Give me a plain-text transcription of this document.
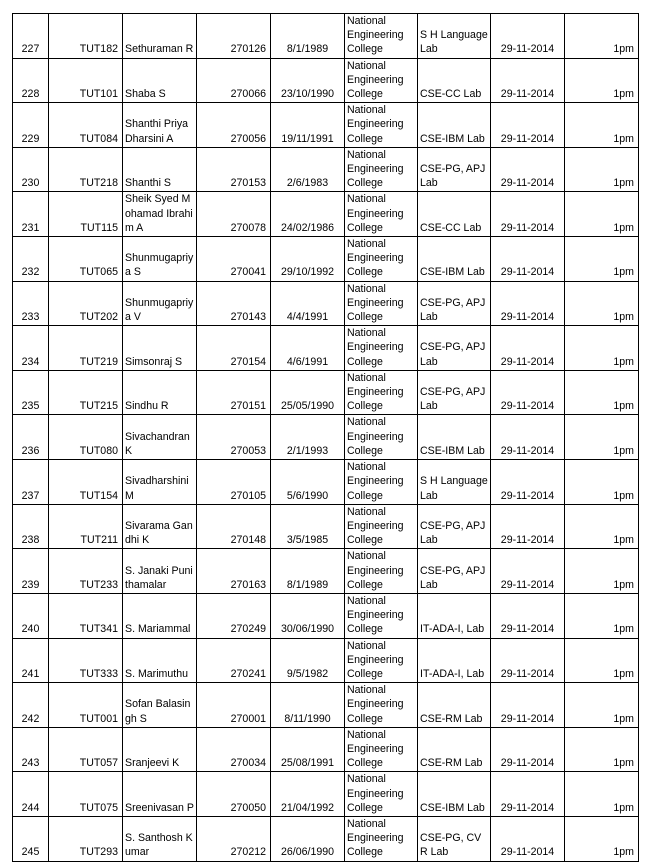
227	TUT182	Sethuraman R	270126	8/1/1989	National
Engineering
College	S H Language Lab	29-11-2014	1pm
228	TUT101	Shaba S	270066	23/10/1990	National
Engineering
College	CSE-CC Lab	29-11-2014	1pm
229	TUT084	Shanthi Priya Dharsini A	270056	19/11/1991	National
Engineering
College	CSE-IBM Lab	29-11-2014	1pm
230	TUT218	Shanthi S	270153	2/6/1983	National
Engineering
College	CSE-PG, APJ Lab	29-11-2014	1pm
231	TUT115	Sheik Syed Mohamad Ibrahim A	270078	24/02/1986	National
Engineering
College	CSE-CC Lab	29-11-2014	1pm
232	TUT065	Shunmugapriya S	270041	29/10/1992	National
Engineering
College	CSE-IBM Lab	29-11-2014	1pm
233	TUT202	Shunmugapriya V	270143	4/4/1991	National
Engineering
College	CSE-PG, APJ Lab	29-11-2014	1pm
234	TUT219	Simsonraj S	270154	4/6/1991	National
Engineering
College	CSE-PG, APJ Lab	29-11-2014	1pm
235	TUT215	Sindhu R	270151	25/05/1990	National
Engineering
College	CSE-PG, APJ Lab	29-11-2014	1pm
236	TUT080	Sivachandran K	270053	2/1/1993	National
Engineering
College	CSE-IBM Lab	29-11-2014	1pm
237	TUT154	Sivadharshini M	270105	5/6/1990	National
Engineering
College	S H Language Lab	29-11-2014	1pm
238	TUT211	Sivarama Gandhi K	270148	3/5/1985	National
Engineering
College	CSE-PG, APJ Lab	29-11-2014	1pm
239	TUT233	S. Janaki Punithamalar	270163	8/1/1989	National
Engineering
College	CSE-PG, APJ Lab	29-11-2014	1pm
240	TUT341	S. Mariammal	270249	30/06/1990	National
Engineering
College	IT-ADA-I, Lab	29-11-2014	1pm
241	TUT333	S. Marimuthu	270241	9/5/1982	National
Engineering
College	IT-ADA-I, Lab	29-11-2014	1pm
242	TUT001	Sofan Balasingh S	270001	8/11/1990	National
Engineering
College	CSE-RM Lab	29-11-2014	1pm
243	TUT057	Sranjeevi K	270034	25/08/1991	National
Engineering
College	CSE-RM Lab	29-11-2014	1pm
244	TUT075	Sreenivasan P	270050	21/04/1992	National
Engineering
College	CSE-IBM Lab	29-11-2014	1pm
245	TUT293	S. Santhosh Kumar	270212	26/06/1990	National
Engineering
College	CSE-PG, CVR Lab	29-11-2014	1pm
